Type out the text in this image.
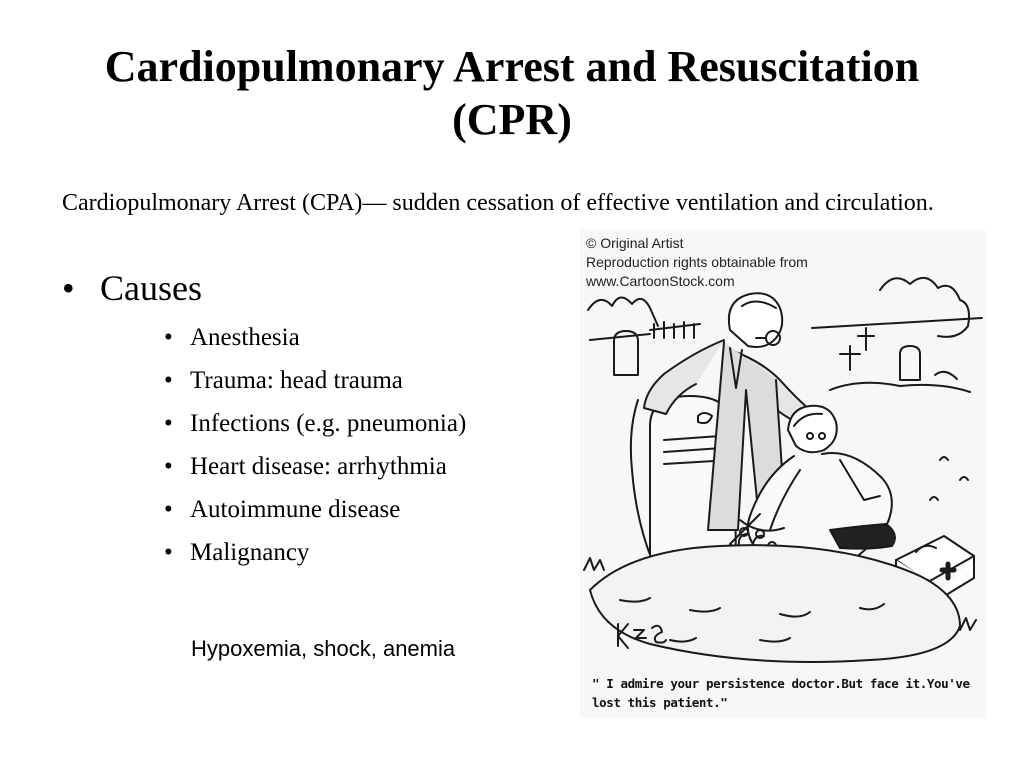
Cardiopulmonary Arrest and Resuscitation
(CPR)

Cardiopulmonary Arrest (CPA)— sudden cessation of effective ventilation and circulation.

• Causes

• Anesthesia
• Trauma: head trauma
• Infections (e.g. pneumonia)
• Heart disease: arrhythmia
• Autoimmune disease
• Malignancy

Hypoxemia, shock, anemia

KES

© Original Artist
Reproduction rights obtainable from
www.CartoonStock.com

" I admire your persistence doctor.But face it.You've lost this patient."
